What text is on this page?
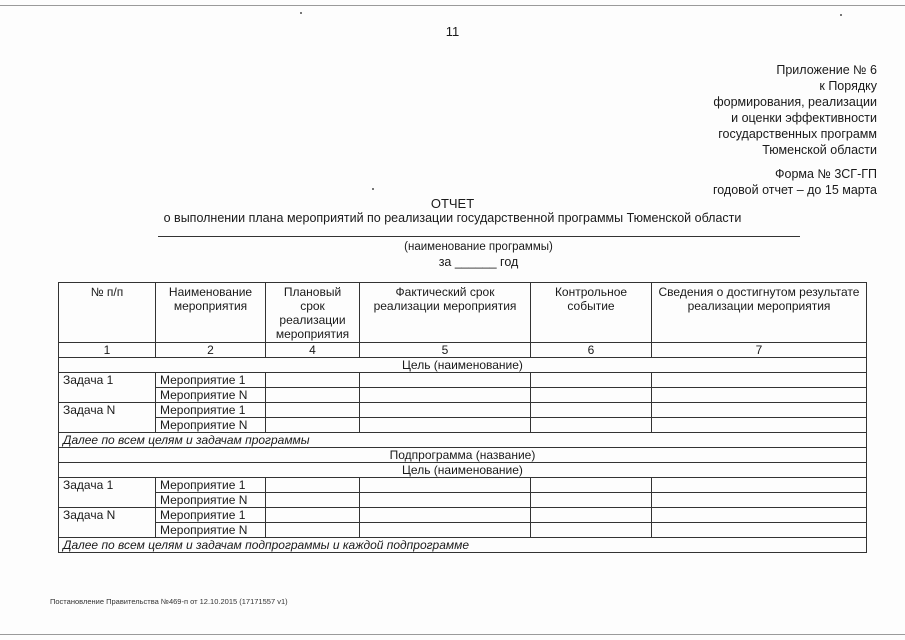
11
Приложение № 6
к Порядку
формирования, реализации
и оценки эффективности
государственных программ
Тюменской области
Форма № 3СГ-ГП
годовой отчет – до 15 марта
ОТЧЕТ
о выполнении плана мероприятий по реализации государственной программы Тюменской области
(наименование программы)
за ______ год
№ п/п	Наименование мероприятия	Плановый срок реализации мероприятия	Фактический срок реализации мероприятия	Контрольное событие	Сведения о достигнутом результате реализации мероприятия
1	2	4	5	6	7
Цель (наименование)					
Задача 1	Мероприятие 1				
	Мероприятие N				
Задача N	Мероприятие 1				
	Мероприятие N				
Далее по всем целям и задачам программы					
Подпрограмма (название)					
Цель (наименование)					
Задача 1	Мероприятие 1				
	Мероприятие N				
Задача N	Мероприятие 1				
	Мероприятие N				
Далее по всем целям и задачам подпрограммы и каждой подпрограмме					
Постановление Правительства №469-п от 12.10.2015 (17171557 v1)
